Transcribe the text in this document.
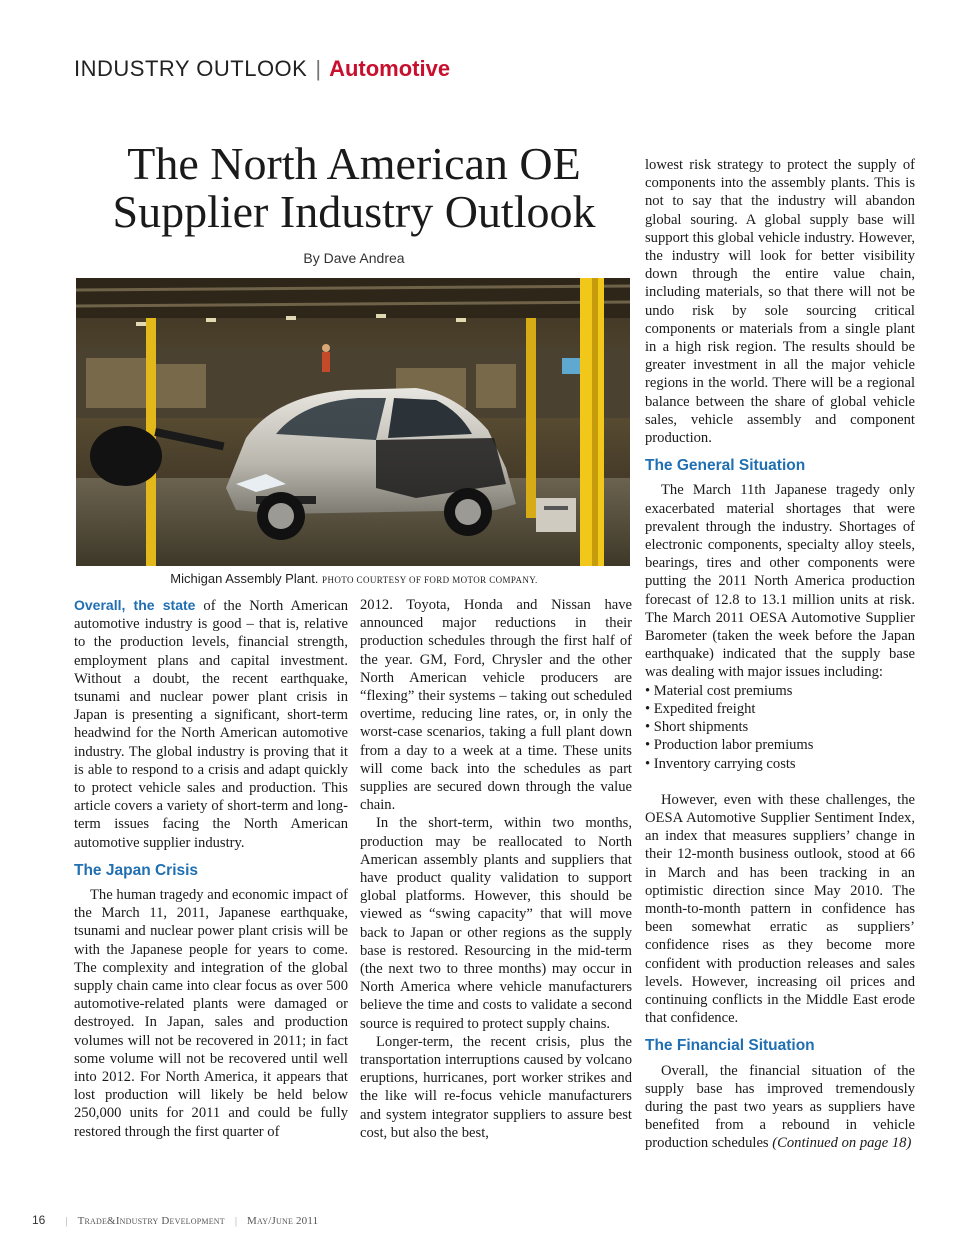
INDUSTRY OUTLOOK | Automotive
The North American OE
Supplier Industry Outlook
By Dave Andrea
Michigan Assembly Plant. PHOTO COURTESY OF FORD MOTOR COMPANY.

Overall, the state of the North American automotive industry is good – that is, relative to the production levels, financial strength, employment plans and capital investment. Without a doubt, the recent earthquake, tsunami and nuclear power plant crisis in Japan is presenting a significant, short-term headwind for the North American automotive industry. The global industry is proving that it is able to respond to a crisis and adapt quickly to protect vehicle sales and production. This article covers a variety of short-term and long-term issues facing the North American automotive supplier industry.

The Japan Crisis

The human tragedy and economic impact of the March 11, 2011, Japanese earthquake, tsunami and nuclear power plant crisis will be with the Japanese people for years to come. The complexity and integration of the global supply chain came into clear focus as over 500 automotive-related plants were damaged or destroyed. In Japan, sales and production volumes will not be recovered in 2011; in fact some volume will not be recovered until well into 2012. For North America, it appears that lost production will likely be held below 250,000 units for 2011 and could be fully restored through the first quarter of

2012. Toyota, Honda and Nissan have announced major reductions in their production schedules through the first half of the year. GM, Ford, Chrysler and the other North American vehicle producers are “flexing” their systems – taking out scheduled overtime, reducing line rates, or, in only the worst-case scenarios, taking a full plant down from a day to a week at a time. These units will come back into the schedules as part supplies are secured down through the value chain.

In the short-term, within two months, production may be reallocated to North American assembly plants and suppliers that have product quality validation to support global platforms. However, this should be viewed as “swing capacity” that will move back to Japan or other regions as the supply base is restored. Resourcing in the mid-term (the next two to three months) may occur in North America where vehicle manufacturers believe the time and costs to validate a second source is required to protect supply chains.

Longer-term, the recent crisis, plus the transportation interruptions caused by volcano eruptions, hurricanes, port worker strikes and the like will re-focus vehicle manufacturers and system integrator suppliers to assure best cost, but also the best,

lowest risk strategy to protect the supply of components into the assembly plants. This is not to say that the industry will abandon global souring. A global supply base will support this global vehicle industry. However, the industry will look for better visibility down through the entire value chain, including materials, so that there will not be undo risk by sole sourcing critical components or materials from a single plant in a high risk region. The results should be greater investment in all the major vehicle regions in the world. There will be a regional balance between the share of global vehicle sales, vehicle assembly and component production.

The General Situation

The March 11th Japanese tragedy only exacerbated material shortages that were prevalent through the industry. Shortages of electronic components, specialty alloy steels, bearings, tires and other components were putting the 2011 North America production forecast of 12.8 to 13.1 million units at risk. The March 2011 OESA Automotive Supplier Barometer (taken the week before the Japan earthquake) indicated that the supply base was dealing with major issues including:

• Material cost premiums
• Expedited freight
• Short shipments
• Production labor premiums
• Inventory carrying costs

However, even with these challenges, the OESA Automotive Supplier Sentiment Index, an index that measures suppliers’ change in their 12-month business outlook, stood at 66 in March and has been tracking in an optimistic direction since May 2010. The month-to-month pattern in confidence has been somewhat erratic as suppliers’ confidence rises as they become more confident with production releases and sales levels. However, increasing oil prices and continuing conflicts in the Middle East erode that confidence.

The Financial Situation

Overall, the financial situation of the supply base has improved tremendously during the past two years as suppliers have benefited from a rebound in vehicle production schedules (Continued on page 18)

16 | Trade&Industry Development | May/June 2011
